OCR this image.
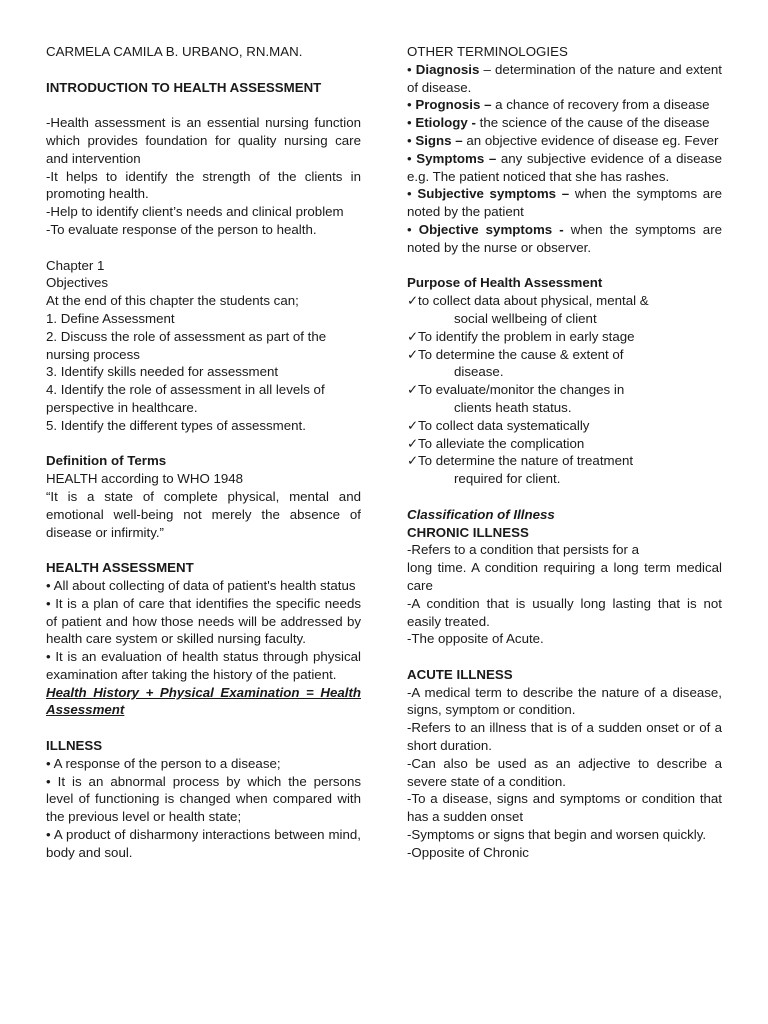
CARMELA CAMILA B. URBANO, RN.MAN.

INTRODUCTION TO HEALTH ASSESSMENT

-Health assessment is an essential nursing function which provides foundation for quality nursing care and intervention

-It helps to identify the strength of the clients in promoting health.

-Help to identify client’s needs and clinical problem

-To evaluate response of the person to health.

Chapter 1

Objectives

At the end of this chapter the students can;

1. Define Assessment

2. Discuss the role of assessment as part of the nursing process

3. Identify skills needed for assessment

4. Identify the role of assessment in all levels of perspective in healthcare.

5. Identify the different types of assessment.

Definition of Terms

HEALTH according to WHO 1948

“It is a state of complete physical, mental and emotional well-being not merely the absence of disease or infirmity.”

HEALTH ASSESSMENT

• All about collecting of data of patient's health status

• It is a plan of care that identifies the specific needs of patient and how those needs will be addressed by health care system or skilled nursing faculty.

• It is an evaluation of health status through physical examination after taking the history of the patient.

Health History + Physical Examination = Health Assessment

ILLNESS

• A response of the person to a disease;

• It is an abnormal process by which the persons level of functioning is changed when compared with the previous level or health state;

• A product of disharmony interactions between mind, body and soul.

OTHER TERMINOLOGIES

• Diagnosis – determination of the nature and extent of disease.

• Prognosis – a chance of recovery from a disease

• Etiology - the science of the cause of the disease

• Signs – an objective evidence of disease eg. Fever

• Symptoms – any subjective evidence of a disease e.g. The patient noticed that she has rashes.

• Subjective symptoms – when the symptoms are noted by the patient

• Objective symptoms - when the symptoms are noted by the nurse or observer.

Purpose of Health Assessment

✓to collect data about physical, mental &
social wellbeing of client
✓To identify the problem in early stage
✓To determine the cause & extent of
disease.
✓To evaluate/monitor the changes in
clients heath status.
✓To collect data systematically
✓To alleviate the complication
✓To determine the nature of treatment
required for client.

Classification of Illness

CHRONIC ILLNESS

-Refers to a condition that persists for a

long time. A condition requiring a long term medical care

-A condition that is usually long lasting that is not easily treated.

-The opposite of Acute.

ACUTE ILLNESS

-A medical term to describe the nature of a disease, signs, symptom or condition.

-Refers to an illness that is of a sudden onset or of a short duration.

-Can also be used as an adjective to describe a severe state of a condition.

-To a disease, signs and symptoms or condition that has a sudden onset

-Symptoms or signs that begin and worsen quickly.

-Opposite of Chronic
